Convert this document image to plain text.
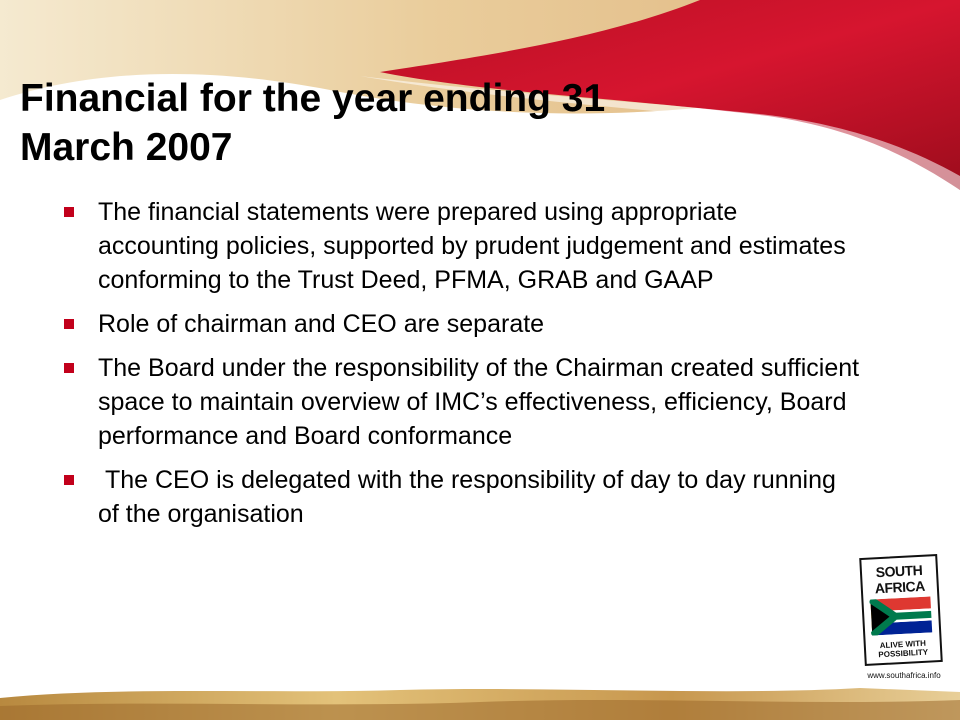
Financial for the year ending 31
March 2007
The financial statements were prepared using appropriate accounting policies, supported by prudent judgement and estimates conforming to the Trust Deed, PFMA, GRAB and GAAP
Role of chairman and CEO are separate
The Board under the responsibility of the Chairman created sufficient space to maintain overview of IMC’s effectiveness, efficiency, Board performance and Board conformance
The CEO is delegated with the responsibility of day to day running of the organisation
SOUTH
AFRICA
ALIVE WITH
POSSIBILITY
www.southafrica.info
